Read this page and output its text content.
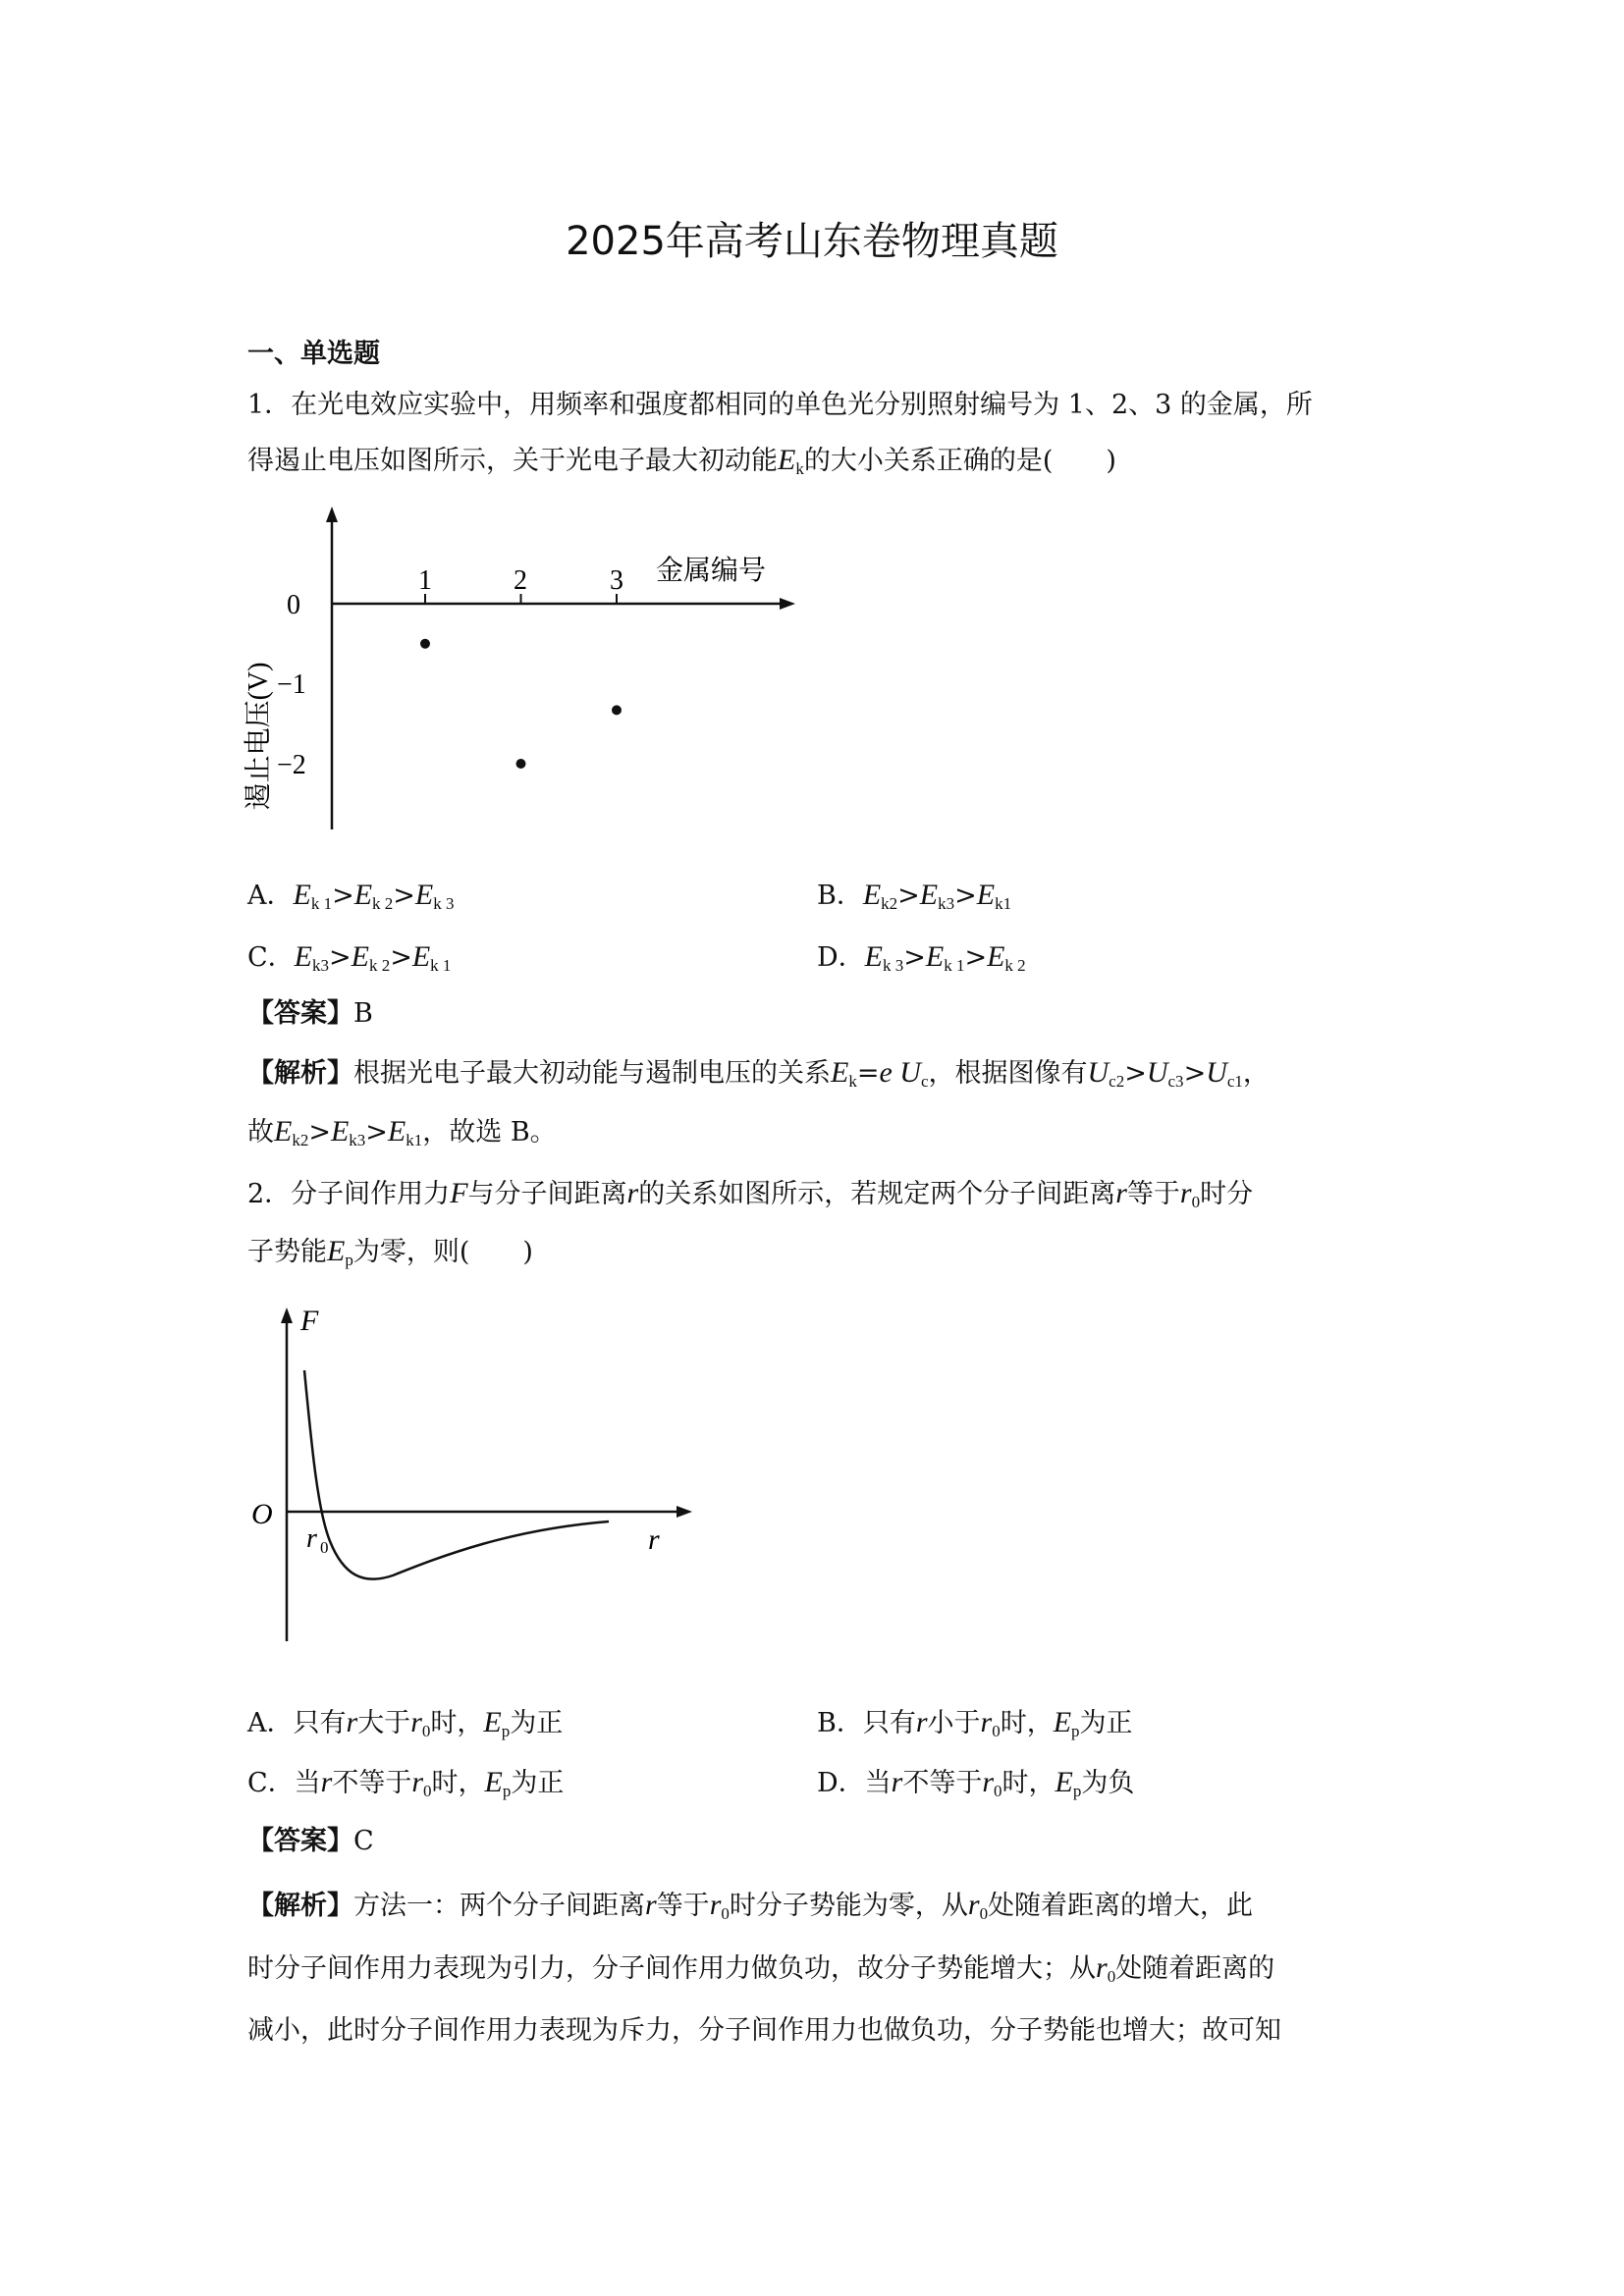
2025年高考山东卷物理真题
一、单选题
1．在光电效应实验中，用频率和强度都相同的单色光分别照射编号为 1、2、3 的金属，所
得遏止电压如图所示，关于光电子最大初动能$E_k$的大小关系正确的是(　　)
0
−1
−2
1	2	3 金属编号
遏止电压(V)
A．$E_{k 1}>E_{k 2}>E_{k 3}$	B．$E_{k2}>E_{k3}>E_{k1}$
C．$E_{k3}>E_{k 2}>E_{k 1}$	D．$E_{k 3}>E_{k 1}>E_{k 2}$
【答案】B
【解析】根据光电子最大初动能与遏制电压的关系$E_k=e$ $U_c$，根据图像有$U_{c2}>U_{c3}>U_{c1}$，
故$E_{k2}>E_{k3}>E_{k1}$，故选 B。
2．分子间作用力F与分子间距离r的关系如图所示，若规定两个分子间距离r等于$r_0$时分
子势能$E_p$为零，则(　　)
F
r
O
r 0
A．只有r大于$r_0$时，$E_p$为正	B．只有r小于$r_0$时，$E_p$为正
C．当r不等于$r_0$时，$E_p$为正	D．当r不等于$r_0$时，$E_p$为负
【答案】C
【解析】方法一：两个分子间距离r等于$r_0$时分子势能为零，从$r_0$处随着距离的增大，此
时分子间作用力表现为引力，分子间作用力做负功，故分子势能增大；从$r_0$处随着距离的
减小，此时分子间作用力表现为斥力，分子间作用力也做负功，分子势能也增大；故可知
